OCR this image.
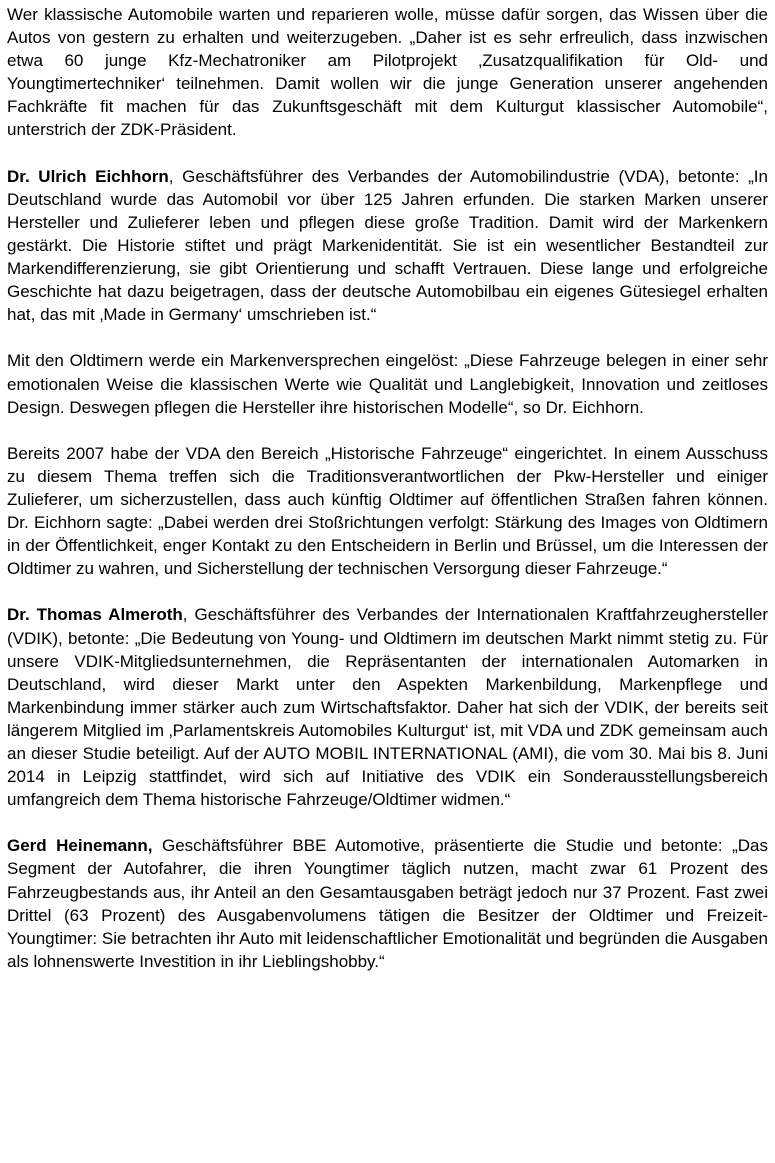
Wer klassische Automobile warten und reparieren wolle, müsse dafür sorgen, das Wissen über die Autos von gestern zu erhalten und weiterzugeben. „Daher ist es sehr erfreulich, dass inzwischen etwa 60 junge Kfz-Mechatroniker am Pilotprojekt ‚Zusatzqualifikation für Old- und Youngtimertechniker‘ teilnehmen. Damit wollen wir die junge Generation unserer angehenden Fachkräfte fit machen für das Zukunftsgeschäft mit dem Kulturgut klassischer Automobile“, unterstrich der ZDK-Präsident.

Dr. Ulrich Eichhorn, Geschäftsführer des Verbandes der Automobilindustrie (VDA), betonte: „In Deutschland wurde das Automobil vor über 125 Jahren erfunden. Die starken Marken unserer Hersteller und Zulieferer leben und pflegen diese große Tradition. Damit wird der Markenkern gestärkt. Die Historie stiftet und prägt Markenidentität. Sie ist ein wesentlicher Bestandteil zur Markendifferenzierung, sie gibt Orientierung und schafft Vertrauen. Diese lange und erfolgreiche Geschichte hat dazu beigetragen, dass der deutsche Automobilbau ein eigenes Gütesiegel erhalten hat, das mit ‚Made in Germany‘ umschrieben ist.“

Mit den Oldtimern werde ein Markenversprechen eingelöst: „Diese Fahrzeuge belegen in einer sehr emotionalen Weise die klassischen Werte wie Qualität und Langlebigkeit, Innovation und zeitloses Design. Deswegen pflegen die Hersteller ihre historischen Modelle“, so Dr. Eichhorn.

Bereits 2007 habe der VDA den Bereich „Historische Fahrzeuge“ eingerichtet. In einem Ausschuss zu diesem Thema treffen sich die Traditionsverantwortlichen der Pkw-Hersteller und einiger Zulieferer, um sicherzustellen, dass auch künftig Oldtimer auf öffentlichen Straßen fahren können. Dr. Eichhorn sagte: „Dabei werden drei Stoßrichtungen verfolgt: Stärkung des Images von Oldtimern in der Öffentlichkeit, enger Kontakt zu den Entscheidern in Berlin und Brüssel, um die Interessen der Oldtimer zu wahren, und Sicherstellung der technischen Versorgung dieser Fahrzeuge.“

Dr. Thomas Almeroth, Geschäftsführer des Verbandes der Internationalen Kraftfahrzeughersteller (VDIK), betonte: „Die Bedeutung von Young- und Oldtimern im deutschen Markt nimmt stetig zu. Für unsere VDIK-Mitgliedsunternehmen, die Repräsentanten der internationalen Automarken in Deutschland, wird dieser Markt unter den Aspekten Markenbildung, Markenpflege und Markenbindung immer stärker auch zum Wirtschaftsfaktor. Daher hat sich der VDIK, der bereits seit längerem Mitglied im ‚Parlamentskreis Automobiles Kulturgut‘ ist, mit VDA und ZDK gemeinsam auch an dieser Studie beteiligt. Auf der AUTO MOBIL INTERNATIONAL (AMI), die vom 30. Mai bis 8. Juni 2014 in Leipzig stattfindet, wird sich auf Initiative des VDIK ein Sonderausstellungsbereich umfangreich dem Thema historische Fahrzeuge/Oldtimer widmen.“

Gerd Heinemann, Geschäftsführer BBE Automotive, präsentierte die Studie und betonte: „Das Segment der Autofahrer, die ihren Youngtimer täglich nutzen, macht zwar 61 Prozent des Fahrzeugbestands aus, ihr Anteil an den Gesamtausgaben beträgt jedoch nur 37 Prozent. Fast zwei Drittel (63 Prozent) des Ausgabenvolumens tätigen die Besitzer der Oldtimer und Freizeit-Youngtimer: Sie betrachten ihr Auto mit leidenschaftlicher Emotionalität und begründen die Ausgaben als lohnenswerte Investition in ihr Lieblingshobby.“
